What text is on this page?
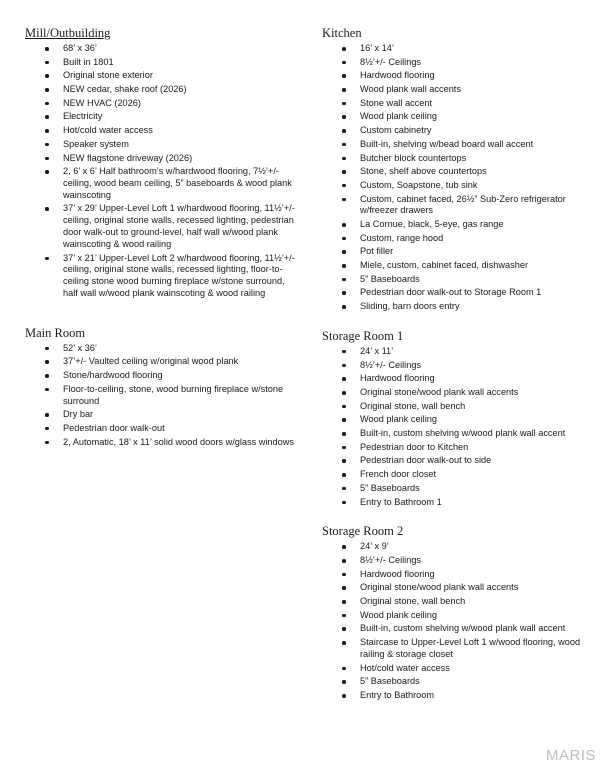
Mill/Outbuilding
68’ x 36’
Built in 1801
Original stone exterior
NEW cedar, shake roof (2026)
NEW HVAC (2026)
Electricity
Hot/cold water access
Speaker system
NEW flagstone driveway (2026)
2, 6’ x 6’ Half bathroom’s w/hardwood flooring, 7½’+/- ceiling, wood beam ceiling, 5” baseboards & wood plank wainscoting
37’ x 29’ Upper-Level Loft 1 w/hardwood flooring, 11½’+/- ceiling, original stone walls, recessed lighting, pedestrian door walk-out to ground-level, half wall w/wood plank wainscoting & wood railing
37’ x 21’ Upper-Level Loft 2 w/hardwood flooring, 11½’+/- ceiling, original stone walls, recessed lighting, floor-to-ceiling stone wood burning fireplace w/stone surround, half wall w/wood plank wainscoting & wood railing
Main Room
52’ x 36’
37’+/- Vaulted ceiling w/original wood plank
Stone/hardwood flooring
Floor-to-ceiling, stone, wood burning fireplace w/stone surround
Dry bar
Pedestrian door walk-out
2, Automatic, 18’ x 11’ solid wood doors w/glass windows
Kitchen
16’ x 14’
8½’+/- Ceilings
Hardwood flooring
Wood plank wall accents
Stone wall accent
Wood plank ceiling
Custom cabinetry
Built-in, shelving w/bead board wall accent
Butcher block countertops
Stone, shelf above countertops
Custom, Soapstone, tub sink
Custom, cabinet faced, 26½” Sub-Zero refrigerator w/freezer drawers
La Cornue, black, 5-eye, gas range
Custom, range hood
Pot filler
Miele, custom, cabinet faced, dishwasher
5” Baseboards
Pedestrian door walk-out to Storage Room 1
Sliding, barn doors entry
Storage Room 1
24’ x 11’
8½’+/- Ceilings
Hardwood flooring
Original stone/wood plank wall accents
Original stone, wall bench
Wood plank ceiling
Built-in, custom shelving w/wood plank wall accent
Pedestrian door to Kitchen
Pedestrian door walk-out to side
French door closet
5” Baseboards
Entry to Bathroom 1
Storage Room 2
24’ x 9’
8½’+/- Ceilings
Hardwood flooring
Original stone/wood plank wall accents
Original stone, wall bench
Wood plank ceiling
Built-in, custom shelving w/wood plank wall accent
Staircase to Upper-Level Loft 1 w/wood flooring, wood railing & storage closet
Hot/cold water access
5” Baseboards
Entry to Bathroom
MARIS
